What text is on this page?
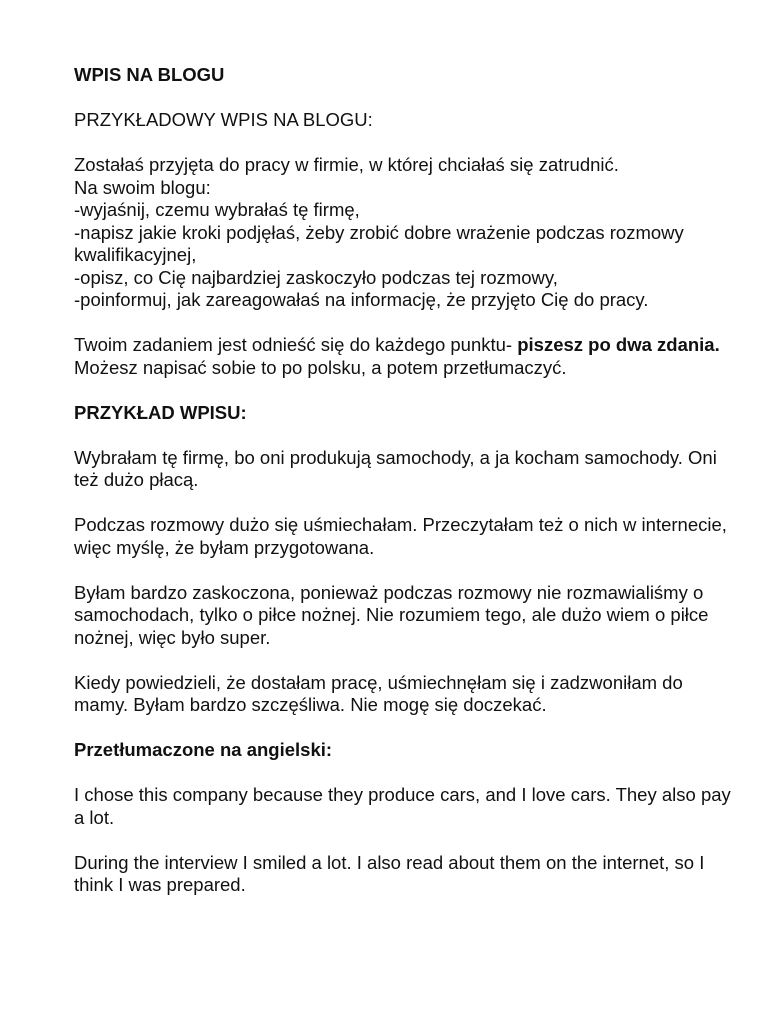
WPIS NA BLOGU

PRZYKŁADOWY WPIS NA BLOGU:

Zostałaś przyjęta do pracy w firmie, w której chciałaś się zatrudnić.
Na swoim blogu:
-wyjaśnij, czemu wybrałaś tę firmę,
-napisz jakie kroki podjęłaś, żeby zrobić dobre wrażenie podczas rozmowy kwalifikacyjnej,
-opisz, co Cię najbardziej zaskoczyło podczas tej rozmowy,
-poinformuj, jak zareagowałaś na informację, że przyjęto Cię do pracy.

Twoim zadaniem jest odnieść się do każdego punktu- piszesz po dwa zdania. Możesz napisać sobie to po polsku, a potem przetłumaczyć.

PRZYKŁAD WPISU:

Wybrałam tę firmę, bo oni produkują samochody, a ja kocham samochody. Oni też dużo płacą.

Podczas rozmowy dużo się uśmiechałam. Przeczytałam też o nich w internecie, więc myślę, że byłam przygotowana.

Byłam bardzo zaskoczona, ponieważ podczas rozmowy nie rozmawialiśmy o samochodach, tylko o piłce nożnej. Nie rozumiem tego, ale dużo wiem o piłce nożnej, więc było super.

Kiedy powiedzieli, że dostałam pracę, uśmiechnęłam się i zadzwoniłam do mamy. Byłam bardzo szczęśliwa. Nie mogę się doczekać.

Przetłumaczone na angielski:

I chose this company because they produce cars, and I love cars. They also pay a lot.

During the interview I smiled a lot. I also read about them on the internet, so I think I was prepared.
